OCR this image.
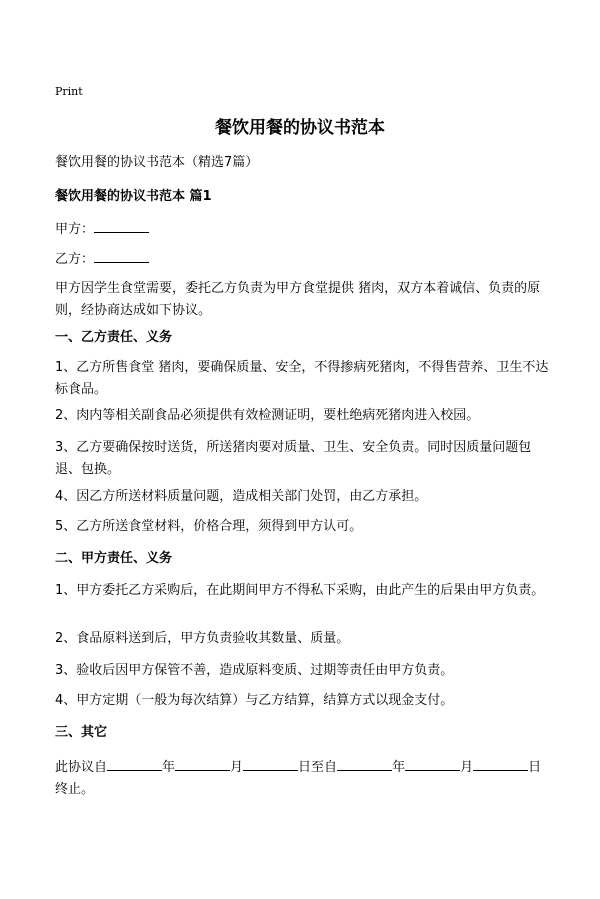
Print
餐饮用餐的协议书范本

餐饮用餐的协议书范本（精选7篇）

餐饮用餐的协议书范本 篇1

甲方：

乙方：

甲方因学生食堂需要，委托乙方负责为甲方食堂提供 猪肉，双方本着诚信、负责的原则，经协商达成如下协议。

一、乙方责任、义务

1、乙方所售食堂 猪肉，要确保质量、安全，不得掺病死猪肉，不得售营养、卫生不达标食品。

2、肉内等相关副食品必须提供有效检测证明，要杜绝病死猪肉进入校园。

3、乙方要确保按时送货，所送猪肉要对质量、卫生、安全负责。同时因质量问题包退、包换。

4、因乙方所送材料质量问题，造成相关部门处罚，由乙方承担。

5、乙方所送食堂材料，价格合理，须得到甲方认可。

二、甲方责任、义务

1、甲方委托乙方采购后，在此期间甲方不得私下采购，由此产生的后果由甲方负责。

2、食品原料送到后，甲方负责验收其数量、质量。

3、验收后因甲方保管不善，造成原料变质、过期等责任由甲方负责。

4、甲方定期（一般为每次结算）与乙方结算，结算方式以现金支付。

三、其它

此协议自	年	月	日至自	年	月	日
终止。
